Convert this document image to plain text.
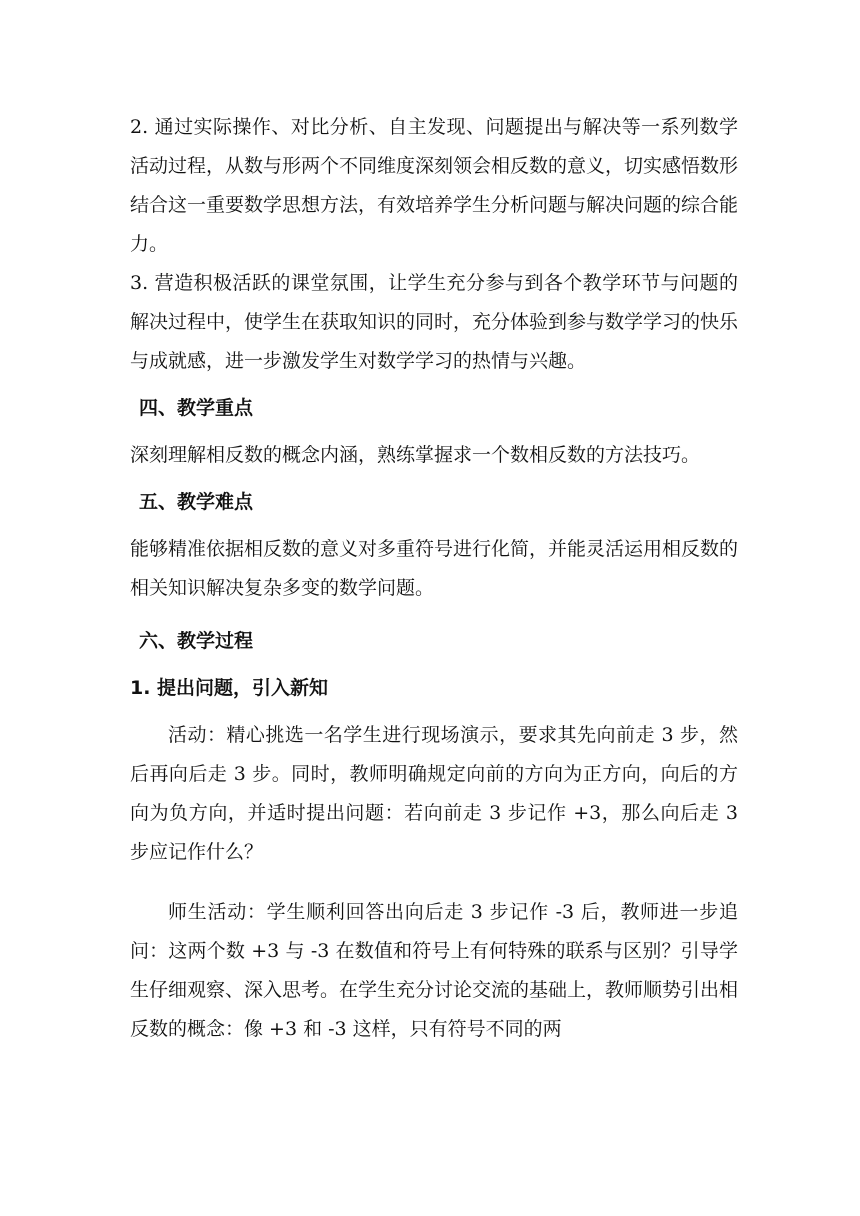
2. 通过实际操作、对比分析、自主发现、问题提出与解决等一系列数学活动过程，从数与形两个不同维度深刻领会相反数的意义，切实感悟数形结合这一重要数学思想方法，有效培养学生分析问题与解决问题的综合能力。

3. 营造积极活跃的课堂氛围，让学生充分参与到各个教学环节与问题的解决过程中，使学生在获取知识的同时，充分体验到参与数学学习的快乐与成就感，进一步激发学生对数学学习的热情与兴趣。

四、教学重点

深刻理解相反数的概念内涵，熟练掌握求一个数相反数的方法技巧。

五、教学难点

能够精准依据相反数的意义对多重符号进行化简，并能灵活运用相反数的相关知识解决复杂多变的数学问题。

六、教学过程

1. 提出问题，引入新知

活动：精心挑选一名学生进行现场演示，要求其先向前走 3 步，然后再向后走 3 步。同时，教师明确规定向前的方向为正方向，向后的方向为负方向，并适时提出问题：若向前走 3 步记作 +3，那么向后走 3 步应记作什么？

师生活动：学生顺利回答出向后走 3 步记作 -3 后，教师进一步追问：这两个数 +3 与 -3 在数值和符号上有何特殊的联系与区别？引导学生仔细观察、深入思考。在学生充分讨论交流的基础上，教师顺势引出相反数的概念：像 +3 和 -3 这样，只有符号不同的两
